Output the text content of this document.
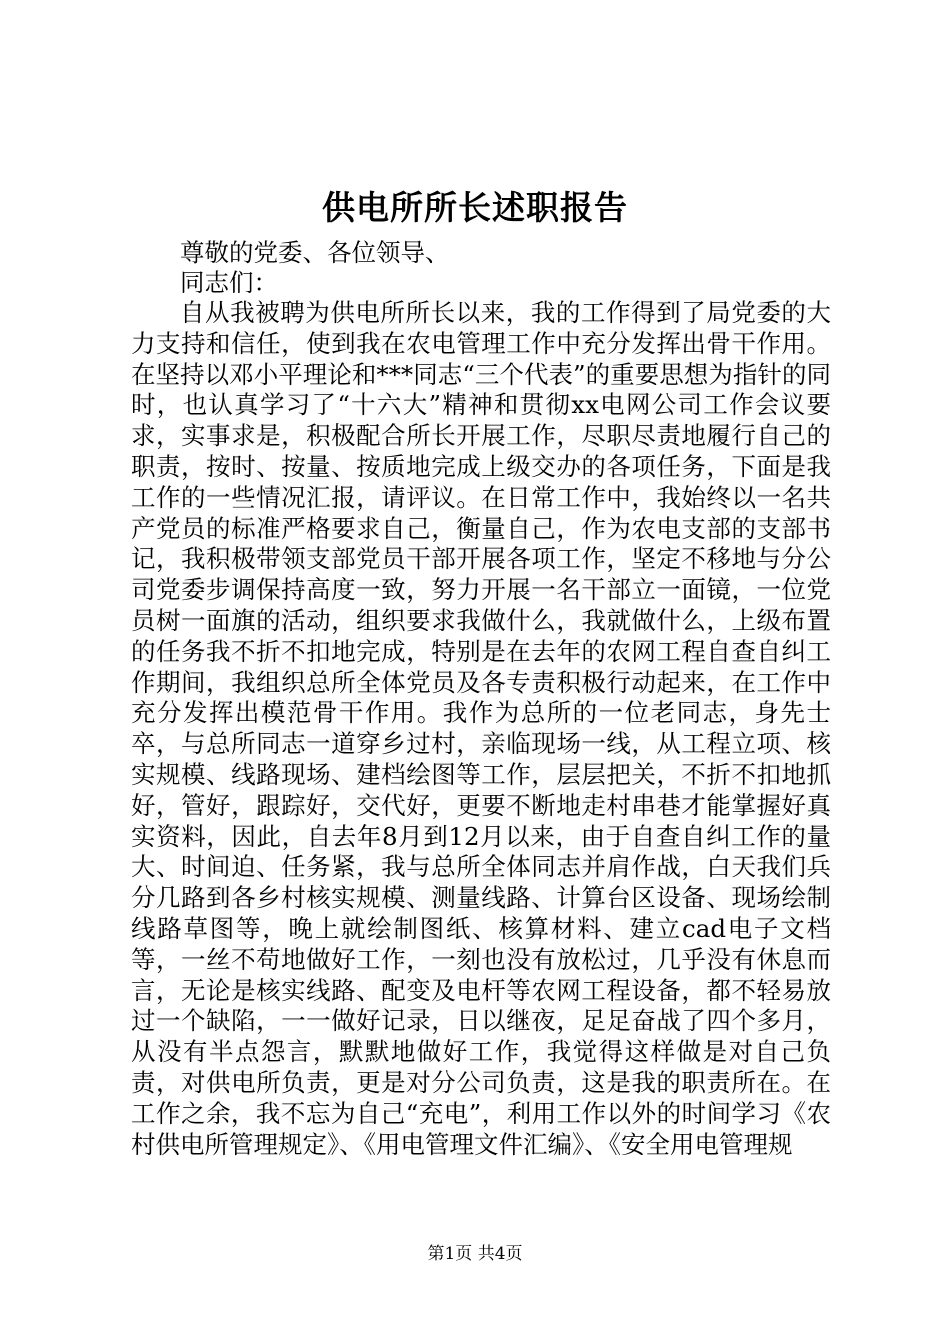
供电所所长述职报告

尊敬的党委、各位领导、

同志们：

自从我被聘为供电所所长以来，我的工作得到了局党委的大力支持和信任，使到我在农电管理工作中充分发挥出骨干作用。在坚持以邓小平理论和***同志“三个代表”的重要思想为指针的同时，也认真学习了“十六大”精神和贯彻xx电网公司工作会议要求，实事求是，积极配合所长开展工作，尽职尽责地履行自己的职责，按时、按量、按质地完成上级交办的各项任务，下面是我工作的一些情况汇报，请评议。在日常工作中，我始终以一名共产党员的标准严格要求自己，衡量自己，作为农电支部的支部书记，我积极带领支部党员干部开展各项工作，坚定不移地与分公司党委步调保持高度一致，努力开展一名干部立一面镜，一位党员树一面旗的活动，组织要求我做什么，我就做什么，上级布置的任务我不折不扣地完成，特别是在去年的农网工程自查自纠工作期间，我组织总所全体党员及各专责积极行动起来，在工作中充分发挥出模范骨干作用。我作为总所的一位老同志，身先士卒，与总所同志一道穿乡过村，亲临现场一线，从工程立项、核实规模、线路现场、建档绘图等工作，层层把关，不折不扣地抓好，管好，跟踪好，交代好，更要不断地走村串巷才能掌握好真实资料，因此，自去年8月到12月以来，由于自查自纠工作的量大、时间迫、任务紧，我与总所全体同志并肩作战，白天我们兵分几路到各乡村核实规模、测量线路、计算台区设备、现场绘制线路草图等，晚上就绘制图纸、核算材料、建立cad电子文档等，一丝不苟地做好工作，一刻也没有放松过，几乎没有休息而言，无论是核实线路、配变及电杆等农网工程设备，都不轻易放过一个缺陷，一一做好记录，日以继夜，足足奋战了四个多月，从没有半点怨言，默默地做好工作，我觉得这样做是对自己负责，对供电所负责，更是对分公司负责，这是我的职责所在。在工作之余，我不忘为自己“充电”，利用工作以外的时间学习《农村供电所管理规定》、《用电管理文件汇编》、《安全用电管理规

第1页 共4页
